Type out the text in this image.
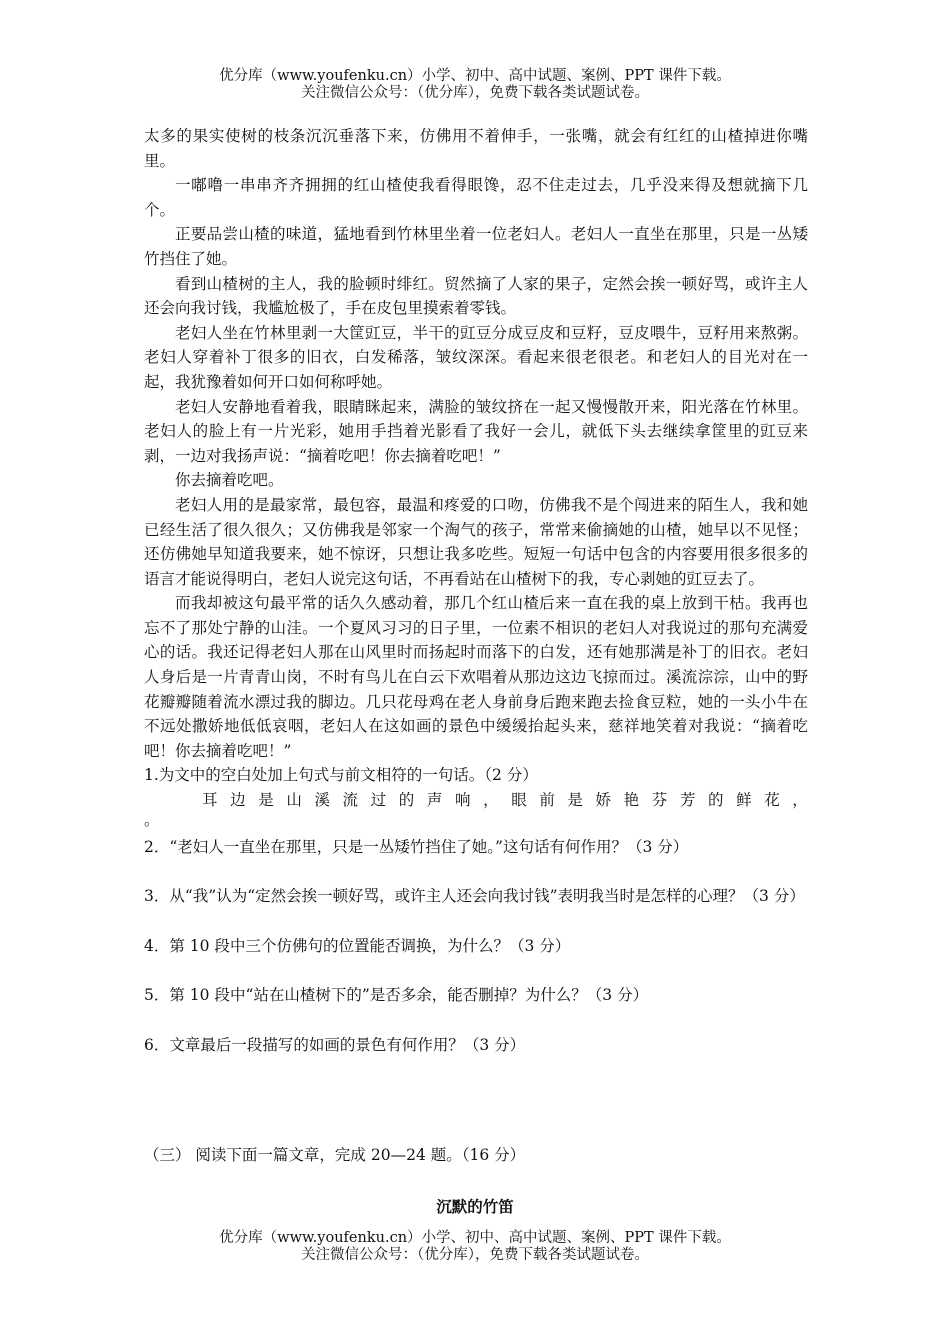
优分库（www.youfenku.cn）小学、初中、高中试题、案例、PPT 课件下载。
关注微信公众号：（优分库），免费下载各类试题试卷。

太多的果实使树的枝条沉沉垂落下来，仿佛用不着伸手，一张嘴，就会有红红的山楂掉进你嘴里。

一嘟噜一串串齐齐拥拥的红山楂使我看得眼馋，忍不住走过去，几乎没来得及想就摘下几个。

正要品尝山楂的味道，猛地看到竹林里坐着一位老妇人。老妇人一直坐在那里，只是一丛矮竹挡住了她。

看到山楂树的主人，我的脸顿时绯红。贸然摘了人家的果子，定然会挨一顿好骂，或许主人还会向我讨钱，我尴尬极了，手在皮包里摸索着零钱。

老妇人坐在竹林里剥一大筐豇豆，半干的豇豆分成豆皮和豆籽，豆皮喂牛，豆籽用来熬粥。老妇人穿着补丁很多的旧衣，白发稀落，皱纹深深。看起来很老很老。和老妇人的目光对在一起，我犹豫着如何开口如何称呼她。

老妇人安静地看着我，眼睛眯起来，满脸的皱纹挤在一起又慢慢散开来，阳光落在竹林里。老妇人的脸上有一片光彩，她用手挡着光影看了我好一会儿，就低下头去继续拿筐里的豇豆来剥，一边对我扬声说：“摘着吃吧！你去摘着吃吧！”

你去摘着吃吧。

老妇人用的是最家常，最包容，最温和疼爱的口吻，仿佛我不是个闯进来的陌生人，我和她已经生活了很久很久；又仿佛我是邻家一个淘气的孩子，常常来偷摘她的山楂，她早以不见怪；还仿佛她早知道我要来，她不惊讶，只想让我多吃些。短短一句话中包含的内容要用很多很多的语言才能说得明白，老妇人说完这句话，不再看站在山楂树下的我，专心剥她的豇豆去了。

而我却被这句最平常的话久久感动着，那几个红山楂后来一直在我的桌上放到干枯。我再也忘不了那处宁静的山洼。一个夏风习习的日子里，一位素不相识的老妇人对我说过的那句充满爱心的话。我还记得老妇人那在山风里时而扬起时而落下的白发，还有她那满是补丁的旧衣。老妇人身后是一片青青山岗，不时有鸟儿在白云下欢唱着从那边这边飞掠而过。溪流淙淙，山中的野花瓣瓣随着流水漂过我的脚边。几只花母鸡在老人身前身后跑来跑去捡食豆粒，她的一头小牛在不远处撒娇地低低哀咽，老妇人在这如画的景色中缓缓抬起头来，慈祥地笑着对我说：“摘着吃吧！你去摘着吃吧！”

1.为文中的空白处加上句式与前文相符的一句话。（2 分）

耳 边 是 山 溪 流 过 的 声 响 ， 眼 前 是 娇 艳 芬 芳 的 鲜 花 ，

。

2．“老妇人一直坐在那里，只是一丛矮竹挡住了她。”这句话有何作用？（3 分）

3．从“我”认为“定然会挨一顿好骂，或许主人还会向我讨钱”表明我当时是怎样的心理？（3 分）

4．第 10 段中三个仿佛句的位置能否调换，为什么？（3 分）

5．第 10 段中“站在山楂树下的”是否多余，能否删掉？为什么？（3 分）

6．文章最后一段描写的如画的景色有何作用？（3 分）

（三） 阅读下面一篇文章，完成 20—24 题。（16 分）
沉默的竹笛
优分库（www.youfenku.cn）小学、初中、高中试题、案例、PPT 课件下载。
关注微信公众号：（优分库），免费下载各类试题试卷。
